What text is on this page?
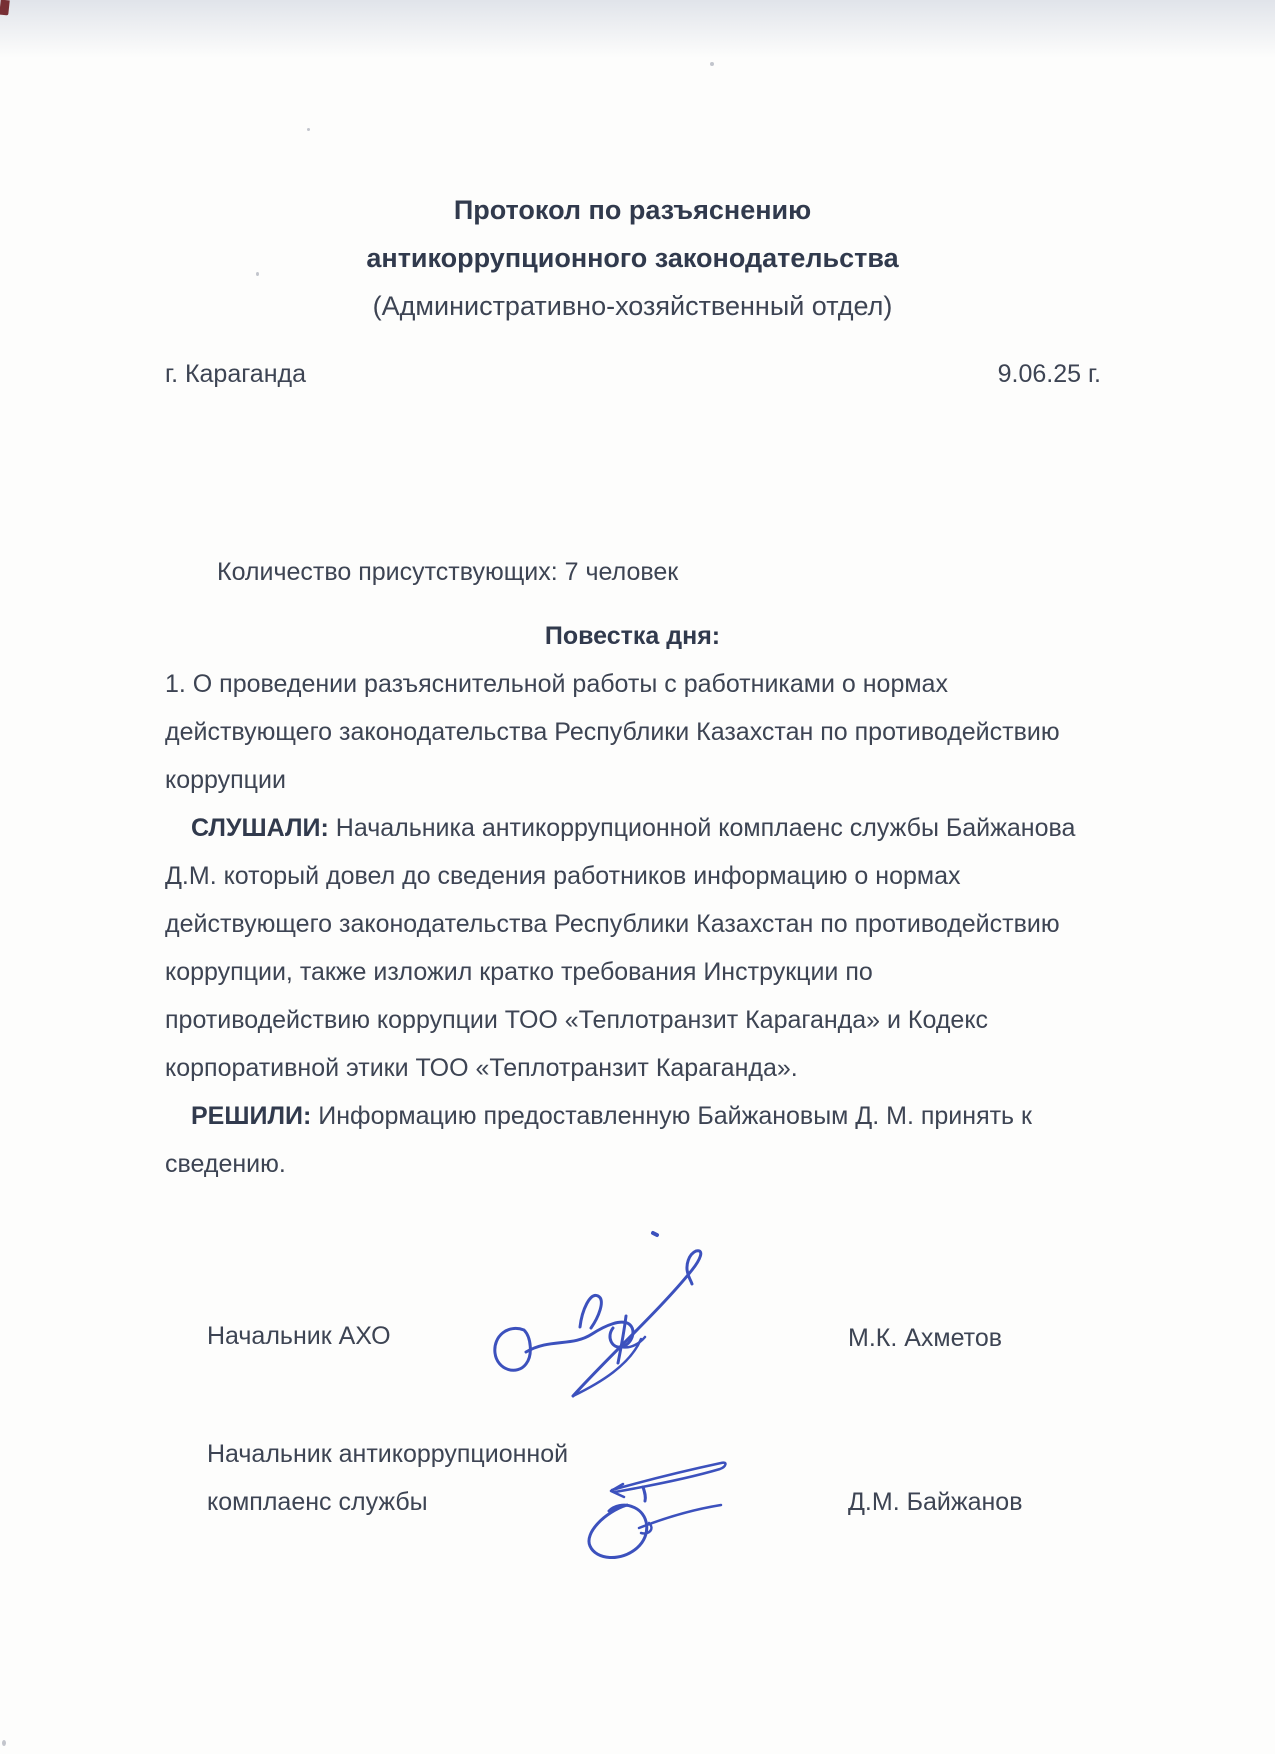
Протокол по разъяснению
антикоррупционного законодательства
(Административно-хозяйственный отдел)
г. Караганда	9.06.25 г.
Количество присутствующих: 7 человек
Повестка дня:
1. О проведении разъяснительной работы с работниками о нормах
действующего законодательства Республики Казахстан по противодействию
коррупции
СЛУШАЛИ: Начальника антикоррупционной комплаенс службы Байжанова
Д.М. который довел до сведения работников информацию о нормах
действующего законодательства Республики Казахстан по противодействию
коррупции, также изложил кратко требования Инструкции по
противодействию коррупции ТОО «Теплотранзит Караганда» и Кодекс
корпоративной этики ТОО «Теплотранзит Караганда».
РЕШИЛИ: Информацию предоставленную Байжановым Д. М. принять к
сведению.
Начальник АХО	М.К. Ахметов
Начальник антикоррупционной
комплаенс службы	Д.М. Байжанов
